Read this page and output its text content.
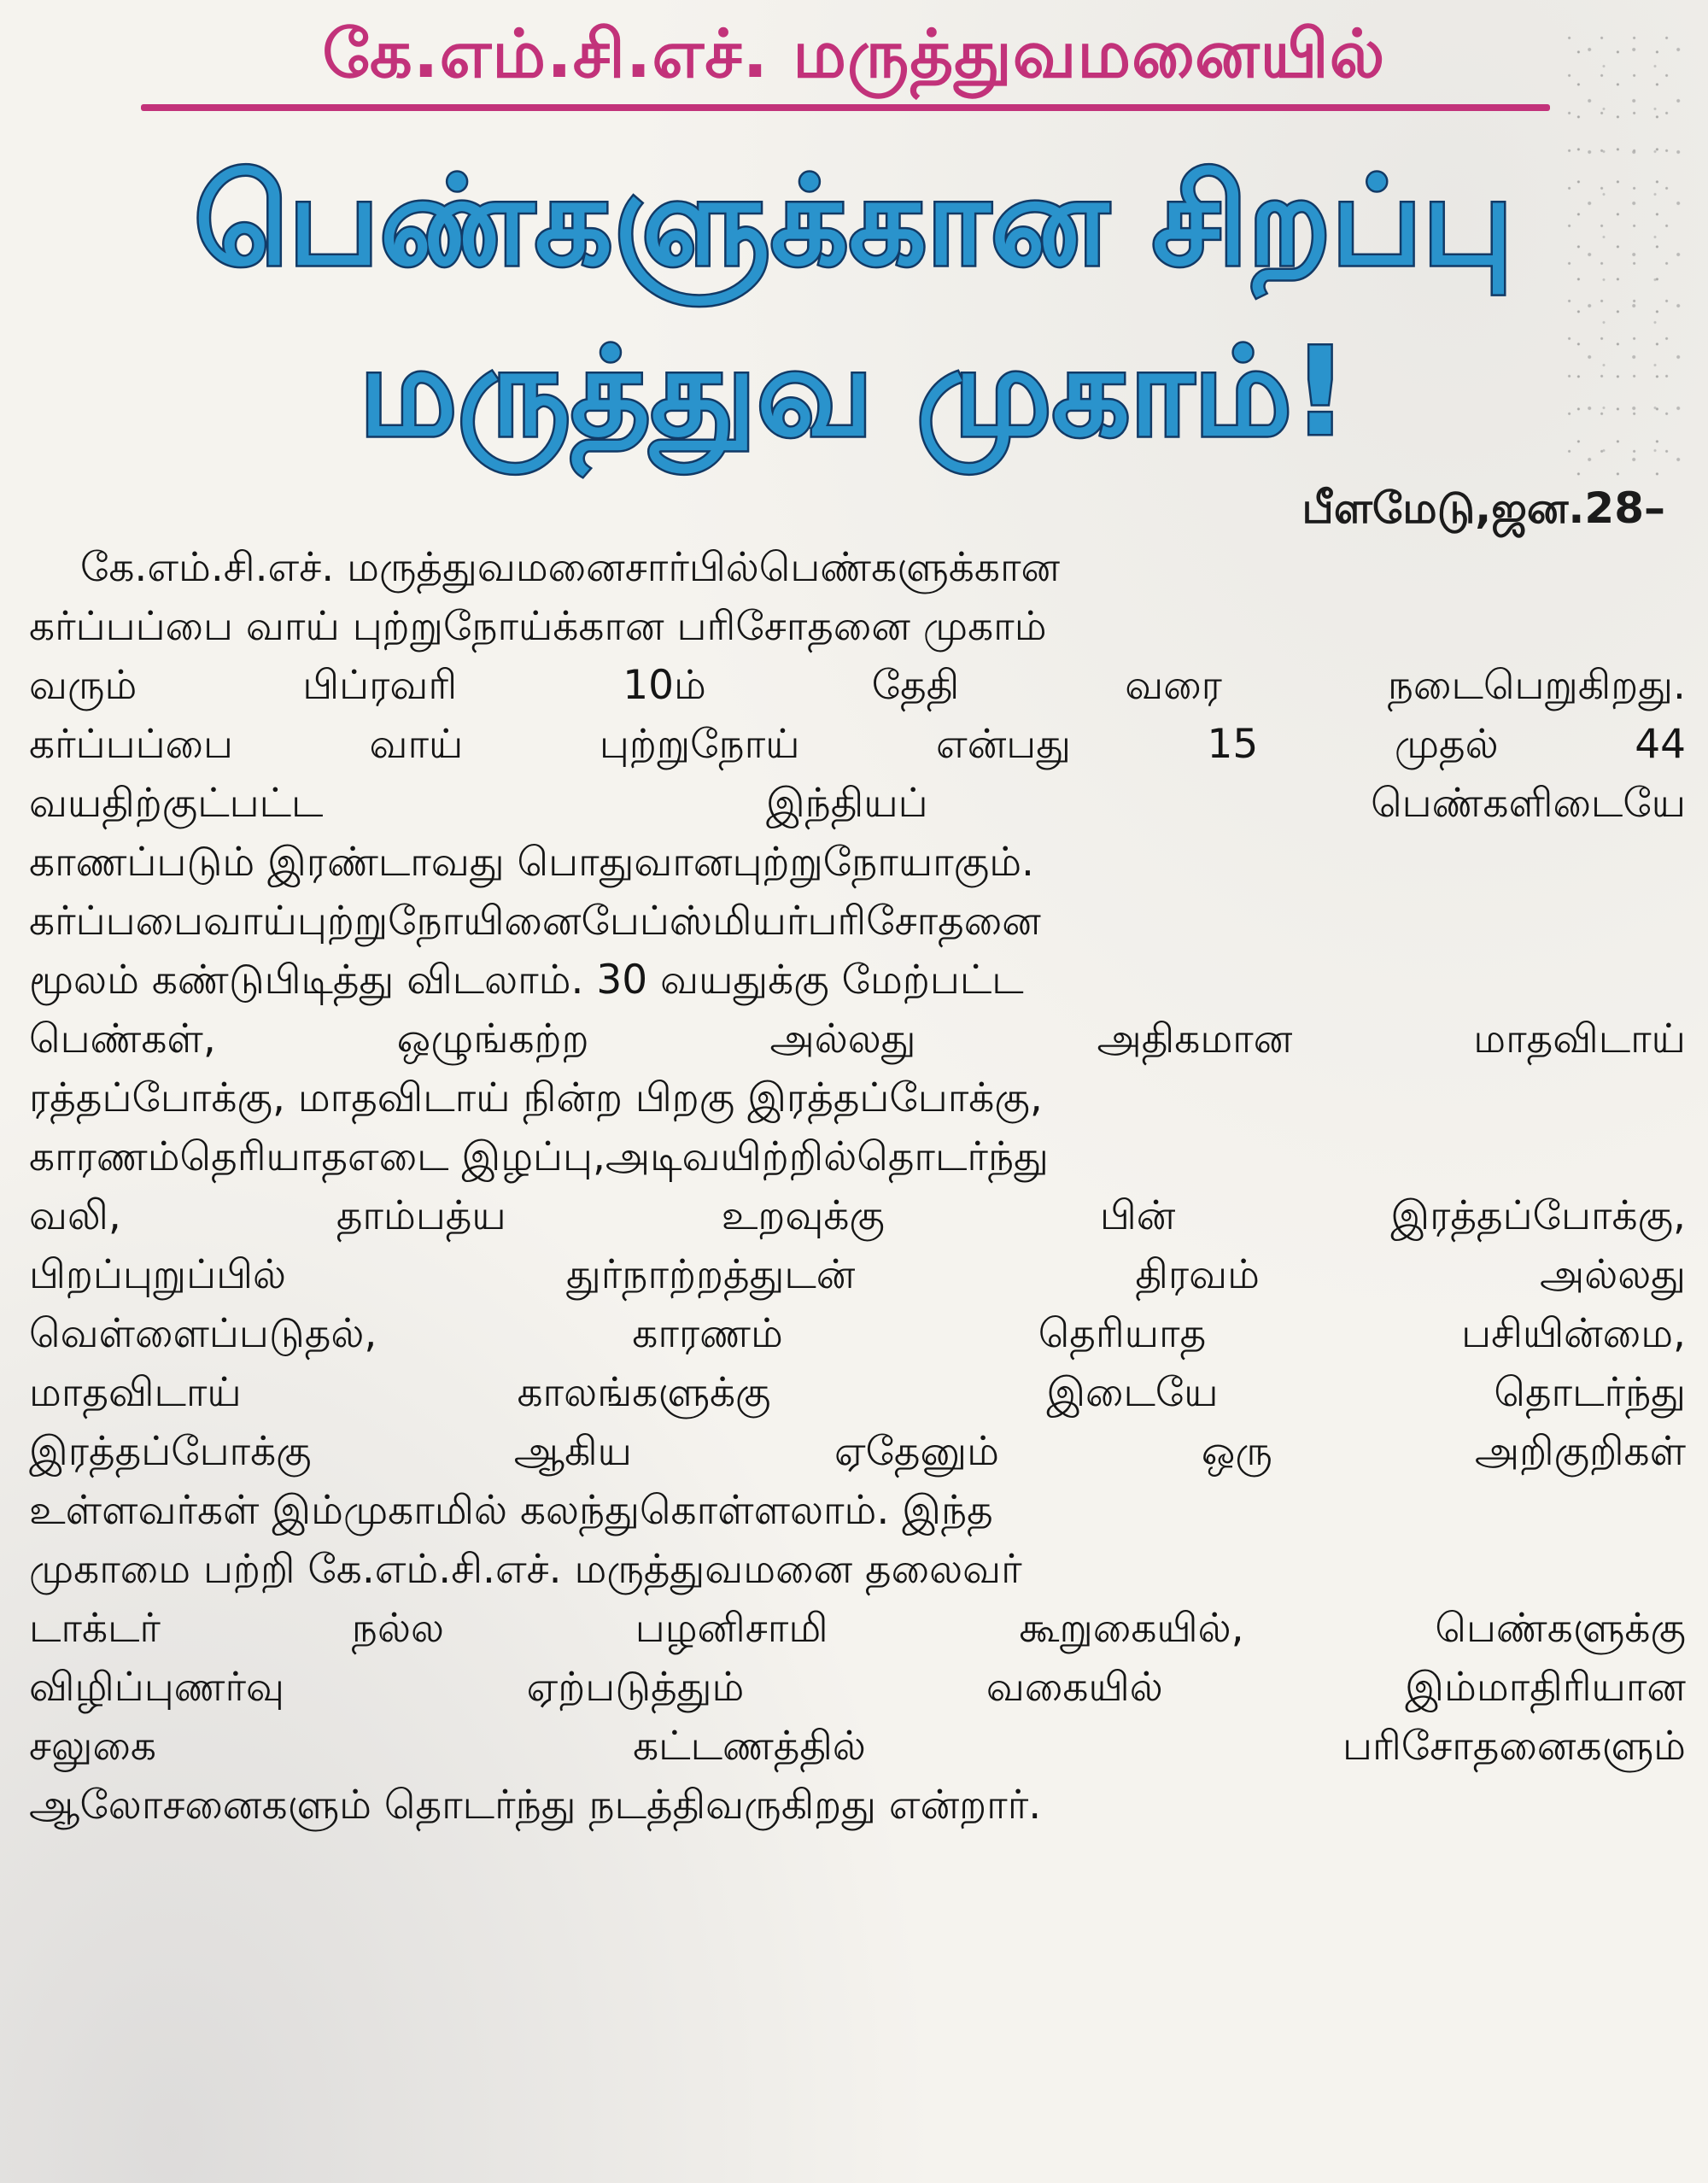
கே.எம்.சி.எச். மருத்துவமனையில்
பெண்களுக்கான சிறப்பு
மருத்துவ முகாம்!
பீளமேடு,ஜன.28–
கே.எம்.சி.எச். மருத்துவமனைசார்பில்பெண்களுக்கான
கர்ப்பப்பை வாய் புற்றுநோய்க்கான பரிசோதனை முகாம்
வரும் பிப்ரவரி 10ம் தேதி வரை நடைபெறுகிறது.
கர்ப்பப்பை வாய் புற்றுநோய் என்பது 15 முதல் 44
வயதிற்குட்பட்ட இந்தியப் பெண்களிடையே
காணப்படும் இரண்டாவது பொதுவானபுற்றுநோயாகும்.
கர்ப்பபைவாய்புற்றுநோயினைபேப்ஸ்மியர்பரிசோதனை
மூலம் கண்டுபிடித்து விடலாம். 30 வயதுக்கு மேற்பட்ட
பெண்கள், ஒழுங்கற்ற அல்லது அதிகமான மாதவிடாய்
ரத்தப்போக்கு, மாதவிடாய் நின்ற பிறகு இரத்தப்போக்கு,
காரணம்தெரியாதஎடை இழப்பு,அடிவயிற்றில்தொடர்ந்து
வலி, தாம்பத்ய உறவுக்கு பின் இரத்தப்போக்கு,
பிறப்புறுப்பில் துர்நாற்றத்துடன் திரவம் அல்லது
வெள்ளைப்படுதல், காரணம் தெரியாத பசியின்மை,
மாதவிடாய் காலங்களுக்கு இடையே தொடர்ந்து
இரத்தப்போக்கு ஆகிய ஏதேனும் ஒரு அறிகுறிகள்
உள்ளவர்கள் இம்முகாமில் கலந்துகொள்ளலாம். இந்த
முகாமை பற்றி கே.எம்.சி.எச். மருத்துவமனை தலைவர்
டாக்டர் நல்ல பழனிசாமி கூறுகையில், பெண்களுக்கு
விழிப்புணர்வு ஏற்படுத்தும் வகையில் இம்மாதிரியான
சலுகை கட்டணத்தில் பரிசோதனைகளும்
ஆலோசனைகளும் தொடர்ந்து நடத்திவருகிறது என்றார்.
